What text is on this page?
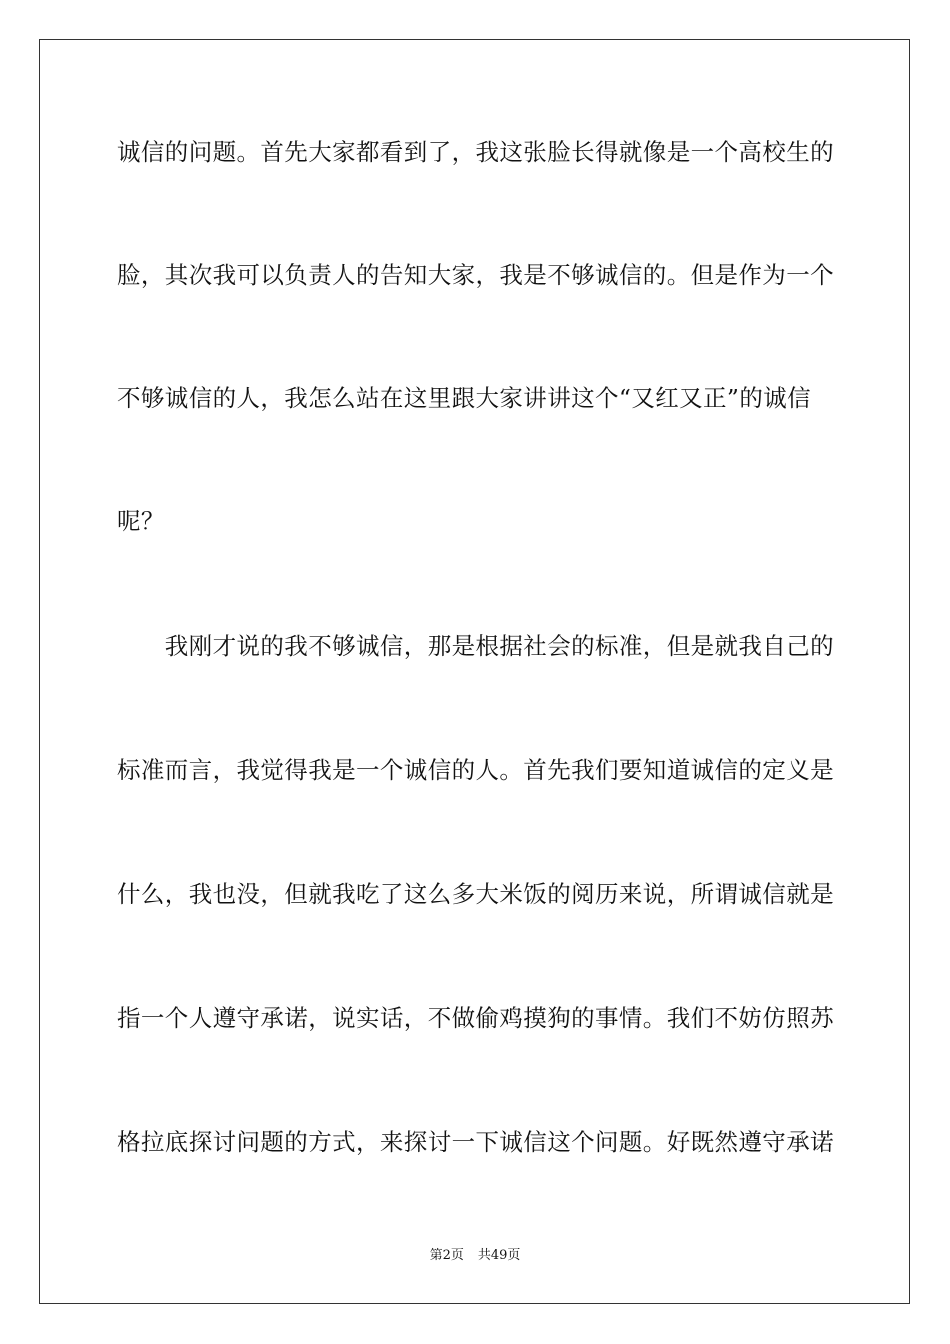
诚信的问题。首先大家都看到了，我这张脸长得就像是一个高校生的
脸，其次我可以负责人的告知大家，我是不够诚信的。但是作为一个
不够诚信的人，我怎么站在这里跟大家讲讲这个“又红又正”的诚信
呢？
　　我刚才说的我不够诚信，那是根据社会的标准，但是就我自己的
标准而言，我觉得我是一个诚信的人。首先我们要知道诚信的定义是
什么，我也没，但就我吃了这么多大米饭的阅历来说，所谓诚信就是
指一个人遵守承诺，说实话，不做偷鸡摸狗的事情。我们不妨仿照苏
格拉底探讨问题的方式，来探讨一下诚信这个问题。好既然遵守承诺
第2页 共49页
